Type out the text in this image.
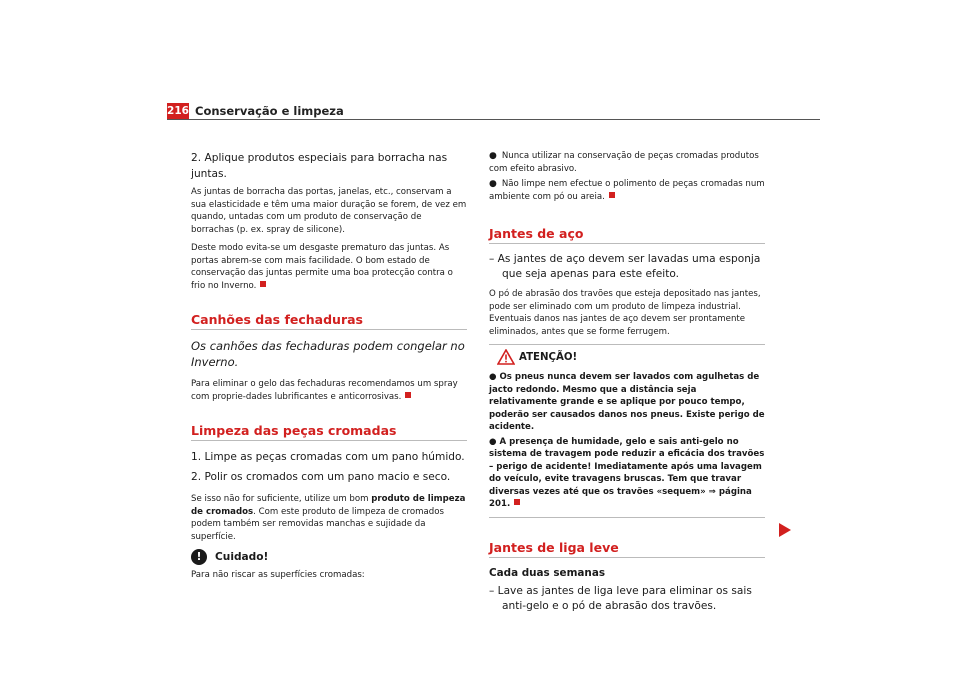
216 Conservação e limpeza

2. Aplique produtos especiais para borracha nas juntas.

As juntas de borracha das portas, janelas, etc., conservam a sua elasticidade e têm uma maior duração se forem, de vez em quando, untadas com um produto de conservação de borrachas (p. ex. spray de silicone).

Deste modo evita-se um desgaste prematuro das juntas. As portas abrem-se com mais facilidade. O bom estado de conservação das juntas permite uma boa protecção contra o frio no Inverno.

Canhões das fechaduras

Os canhões das fechaduras podem congelar no Inverno.

Para eliminar o gelo das fechaduras recomendamos um spray com proprie-dades lubrificantes e anticorrosivas.

Limpeza das peças cromadas

1. Limpe as peças cromadas com um pano húmido.

2. Polir os cromados com um pano macio e seco.

Se isso não for suficiente, utilize um bom produto de limpeza de cromados. Com este produto de limpeza de cromados podem também ser removidas manchas e sujidade da superfície.

!	Cuidado!

Para não riscar as superfícies cromadas:

● Nunca utilizar na conservação de peças cromadas produtos com efeito abrasivo.

● Não limpe nem efectue o polimento de peças cromadas num ambiente com pó ou areia.

Jantes de aço

– As jantes de aço devem ser lavadas uma esponja que seja apenas para este efeito.

O pó de abrasão dos travões que esteja depositado nas jantes, pode ser eliminado com um produto de limpeza industrial. Eventuais danos nas jantes de aço devem ser prontamente eliminados, antes que se forme ferrugem.

ATENÇÃO!

● Os pneus nunca devem ser lavados com agulhetas de jacto redondo. Mesmo que a distância seja relativamente grande e se aplique por pouco tempo, poderão ser causados danos nos pneus. Existe perigo de acidente.

● A presença de humidade, gelo e sais anti-gelo no sistema de travagem pode reduzir a eficácia dos travões – perigo de acidente! Imediatamente após uma lavagem do veículo, evite travagens bruscas. Tem que travar diversas vezes até que os travões «sequem» ⇒ página 201.

Jantes de liga leve

Cada duas semanas

– Lave as jantes de liga leve para eliminar os sais anti-gelo e o pó de abrasão dos travões.
